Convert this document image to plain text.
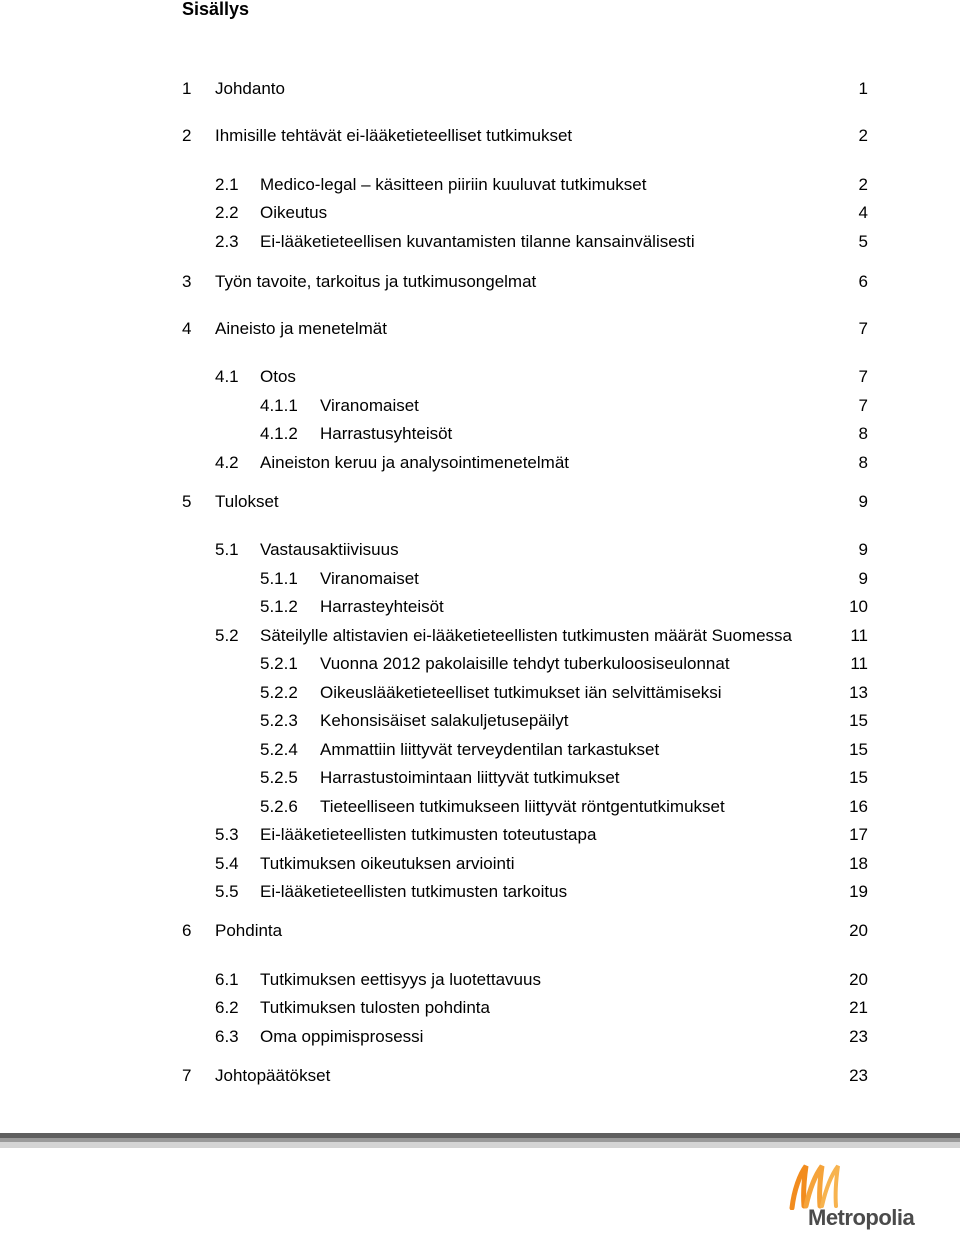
Sisällys
1 Johdanto	1
2 Ihmisille tehtävät ei-lääketieteelliset tutkimukset	2
2.1 Medico-legal – käsitteen piiriin kuuluvat tutkimukset	2
2.2 Oikeutus	4
2.3 Ei-lääketieteellisen kuvantamisten tilanne kansainvälisesti	5
3 Työn tavoite, tarkoitus ja tutkimusongelmat	6
4 Aineisto ja menetelmät	7
4.1 Otos	7
4.1.1 Viranomaiset	7
4.1.2 Harrastusyhteisöt	8
4.2 Aineiston keruu ja analysointimenetelmät	8
5 Tulokset	9
5.1 Vastausaktiivisuus	9
5.1.1 Viranomaiset	9
5.1.2 Harrasteyhteisöt	10
5.2 Säteilylle altistavien ei-lääketieteellisten tutkimusten määrät Suomessa	11
5.2.1 Vuonna 2012 pakolaisille tehdyt tuberkuloosiseulonnat	11
5.2.2 Oikeuslääketieteelliset tutkimukset iän selvittämiseksi	13
5.2.3 Kehonsisäiset salakuljetusepäilyt	15
5.2.4 Ammattiin liittyvät terveydentilan tarkastukset	15
5.2.5 Harrastustoimintaan liittyvät tutkimukset	15
5.2.6 Tieteelliseen tutkimukseen liittyvät röntgentutkimukset	16
5.3 Ei-lääketieteellisten tutkimusten toteutustapa	17
5.4 Tutkimuksen oikeutuksen arviointi	18
5.5 Ei-lääketieteellisten tutkimusten tarkoitus	19
6 Pohdinta	20
6.1 Tutkimuksen eettisyys ja luotettavuus	20
6.2 Tutkimuksen tulosten pohdinta	21
6.3 Oma oppimisprosessi	23
7 Johtopäätökset	23
Metropolia
